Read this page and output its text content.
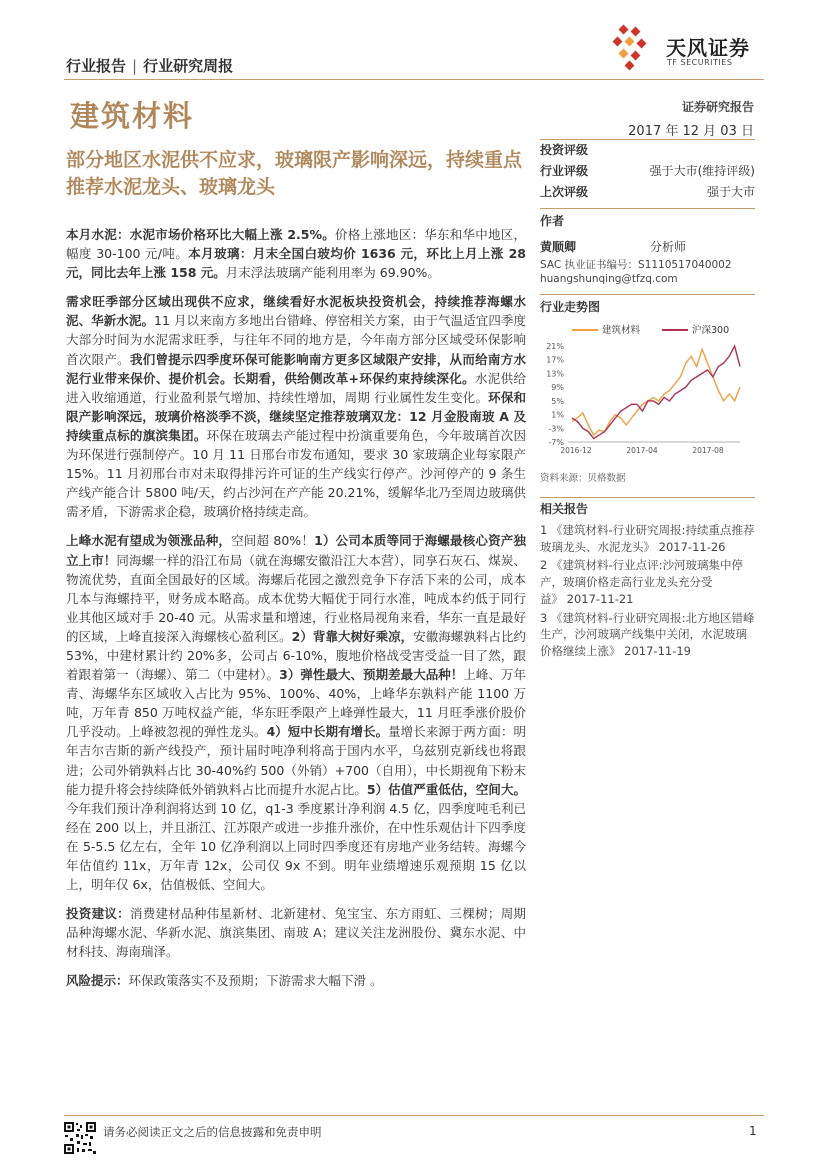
行业报告 | 行业研究周报
天风证券
TF SECURITIES
建筑材料	证券研究报告
2017 年 12 月 03 日
部分地区水泥供不应求，玻璃限产影响深远，持续重点推荐水泥龙头、玻璃龙头
投资评级
行业评级	强于大市(维持评级)
上次评级	强于大市
作者
黄顺卿	分析师
SAC 执业证书编号：S1110517040002
huangshunqing@tfzq.com
行业走势图
建筑材料	沪深300
21%
17%
13%
9%
5%
1%
-3%
-7%
2016-12	2017-04	2017-08
资料来源：贝格数据
相关报告
1 《建筑材料-行业研究周报:持续重点推荐玻璃龙头、水泥龙头》 2017-11-26
2 《建筑材料-行业点评:沙河玻璃集中停产，玻璃价格走高行业龙头充分受益》 2017-11-21
3 《建筑材料-行业研究周报:北方地区错峰生产，沙河玻璃产线集中关闭，水泥玻璃价格继续上涨》 2017-11-19

本月水泥：水泥市场价格环比大幅上涨 2.5%。价格上涨地区：华东和华中地区， 幅度 30-100 元/吨。本月玻璃：月末全国白玻均价 1636 元，环比上月上涨 28 元，同比去年上涨 158 元。月末浮法玻璃产能利用率为 69.90%。

需求旺季部分区域出现供不应求，继续看好水泥板块投资机会，持续推荐海螺水泥、华新水泥。11 月以来南方多地出台错峰、停窑相关方案，由于气温适宜四季度大部分时间为水泥需求旺季，与往年不同的地方是，今年南方部分区域受环保影响首次限产。我们曾提示四季度环保可能影响南方更多区域限产安排，从而给南方水泥行业带来保价、提价机会。长期看，供给侧改革+环保约束持续深化。水泥供给进入收缩通道，行业盈利景气增加、持续性增加，周期 行业属性发生变化。环保和限产影响深远，玻璃价格淡季不淡，继续坚定推荐玻璃双龙：12 月金股南玻 A 及持续重点标的旗滨集团。环保在玻璃去产能过程中扮演重要角色，今年玻璃首次因为环保进行强制停产。10 月 11 日邢台市发布通知，要求 30 家玻璃企业每家限产 15%。11 月初邢台市对未取得排污许可证的生产线实行停产。沙河停产的 9 条生产线产能合计 5800 吨/天，约占沙河在产产能 20.21%，缓解华北乃至周边玻璃供需矛盾，下游需求企稳，玻璃价格持续走高。

上峰水泥有望成为领涨品种，空间超 80%！1）公司本质等同于海螺最核心资产独立上市！同海螺一样的沿江布局（就在海螺安徽沿江大本营），同享石灰石、煤炭、物流优势，直面全国最好的区域。海螺后花园之激烈竞争下存活下来的公司，成本几本与海螺持平，财务成本略高。成本优势大幅优于同行水准，吨成本约低于同行业其他区域对手 20-40 元。从需求量和增速，行业格局视角来看，华东一直是最好的区域，上峰直接深入海螺核心盈利区。2）背靠大树好乘凉，安徽海螺孰料占比约 53%，中建材累计约 20%多，公司占 6-10%，腹地价格战受害受益一目了然，跟着跟着第一（海螺）、第二（中建材）。3）弹性最大、预期差最大品种！上峰、万年青、海螺华东区域收入占比为 95%、100%、40%，上峰华东孰料产能 1100 万吨，万年青 850 万吨权益产能，华东旺季限产上峰弹性最大，11 月旺季涨价股价几乎没动。上峰被忽视的弹性龙头。4）短中长期有增长。量增长来源于两方面：明年吉尔吉斯的新产线投产，预计届时吨净利将高于国内水平，乌兹别克新线也将跟进；公司外销孰料占比 30-40%约 500（外销）+700（自用），中长期视角下粉末能力提升将会持续降低外销孰料占比而提升水泥占比。5）估值严重低估，空间大。今年我们预计净利润将达到 10 亿，q1-3 季度累计净利润 4.5 亿，四季度吨毛利已经在 200 以上，并且浙江、江苏限产或进一步推升涨价，在中性乐观估计下四季度在 5-5.5 亿左右，全年 10 亿净利润以上同时四季度还有房地产业务结转。海螺今年估值约 11x，万年青 12x，公司仅 9x 不到。明年业绩增速乐观预期 15 亿以上，明年仅 6x，估值极低、空间大。

投资建议：消费建材品种伟星新材、北新建材、兔宝宝、东方雨虹、三棵树；周期品种海螺水泥、华新水泥、旗滨集团、南玻 A；建议关注龙洲股份、冀东水泥、中材科技、海南瑞泽。

风险提示：环保政策落实不及预期；下游需求大幅下滑 。

请务必阅读正文之后的信息披露和免责申明	1
